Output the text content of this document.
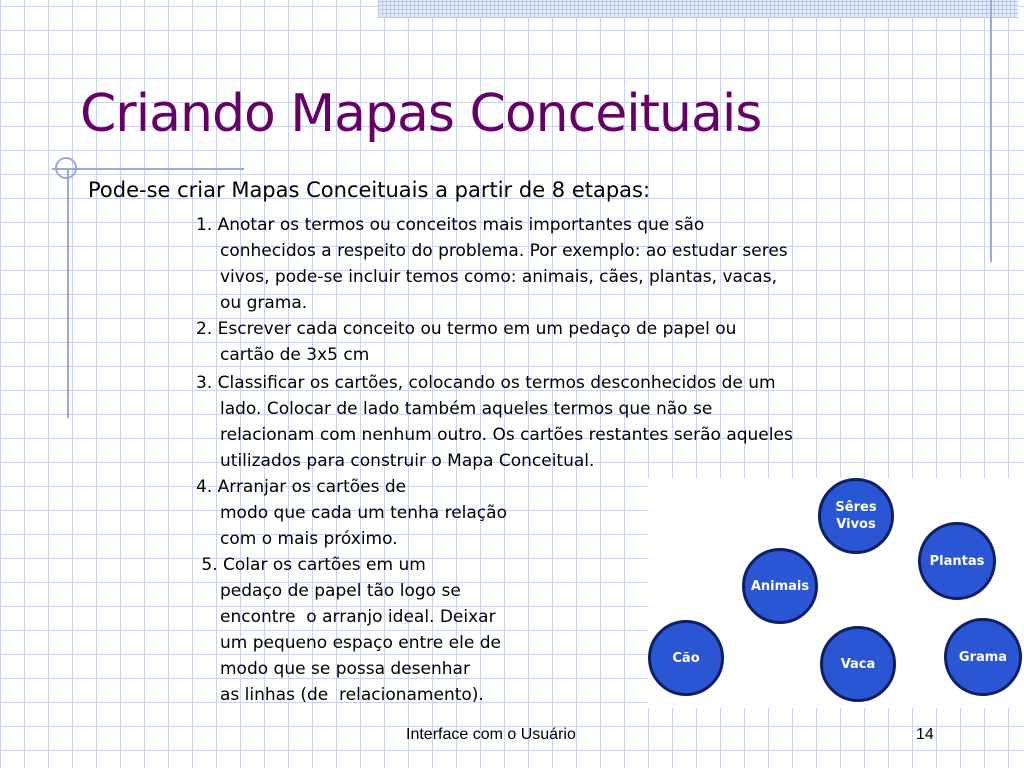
Criando Mapas Conceituais

Pode-se criar Mapas Conceituais a partir de 8 etapas:

1. Anotar os termos ou conceitos mais importantes que são
conhecidos a respeito do problema. Por exemplo: ao estudar seres
vivos, pode-se incluir temos como: animais, cães, plantas, vacas,
ou grama.
2. Escrever cada conceito ou termo em um pedaço de papel ou
cartão de 3x5 cm
3. Classificar os cartões, colocando os termos desconhecidos de um
lado. Colocar de lado também aqueles termos que não se
relacionam com nenhum outro. Os cartões restantes serão aqueles
utilizados para construir o Mapa Conceitual.
4. Arranjar os cartões de
modo que cada um tenha relação
com o mais próximo.
5. Colar os cartões em um
pedaço de papel tão logo se
encontre  o arranjo ideal. Deixar
um pequeno espaço entre ele de
modo que se possa desenhar
as linhas (de  relacionamento).
Sêres
Vivos
Plantas
Animais
Cão	Vaca	Grama
Interface com o Usuário	14
